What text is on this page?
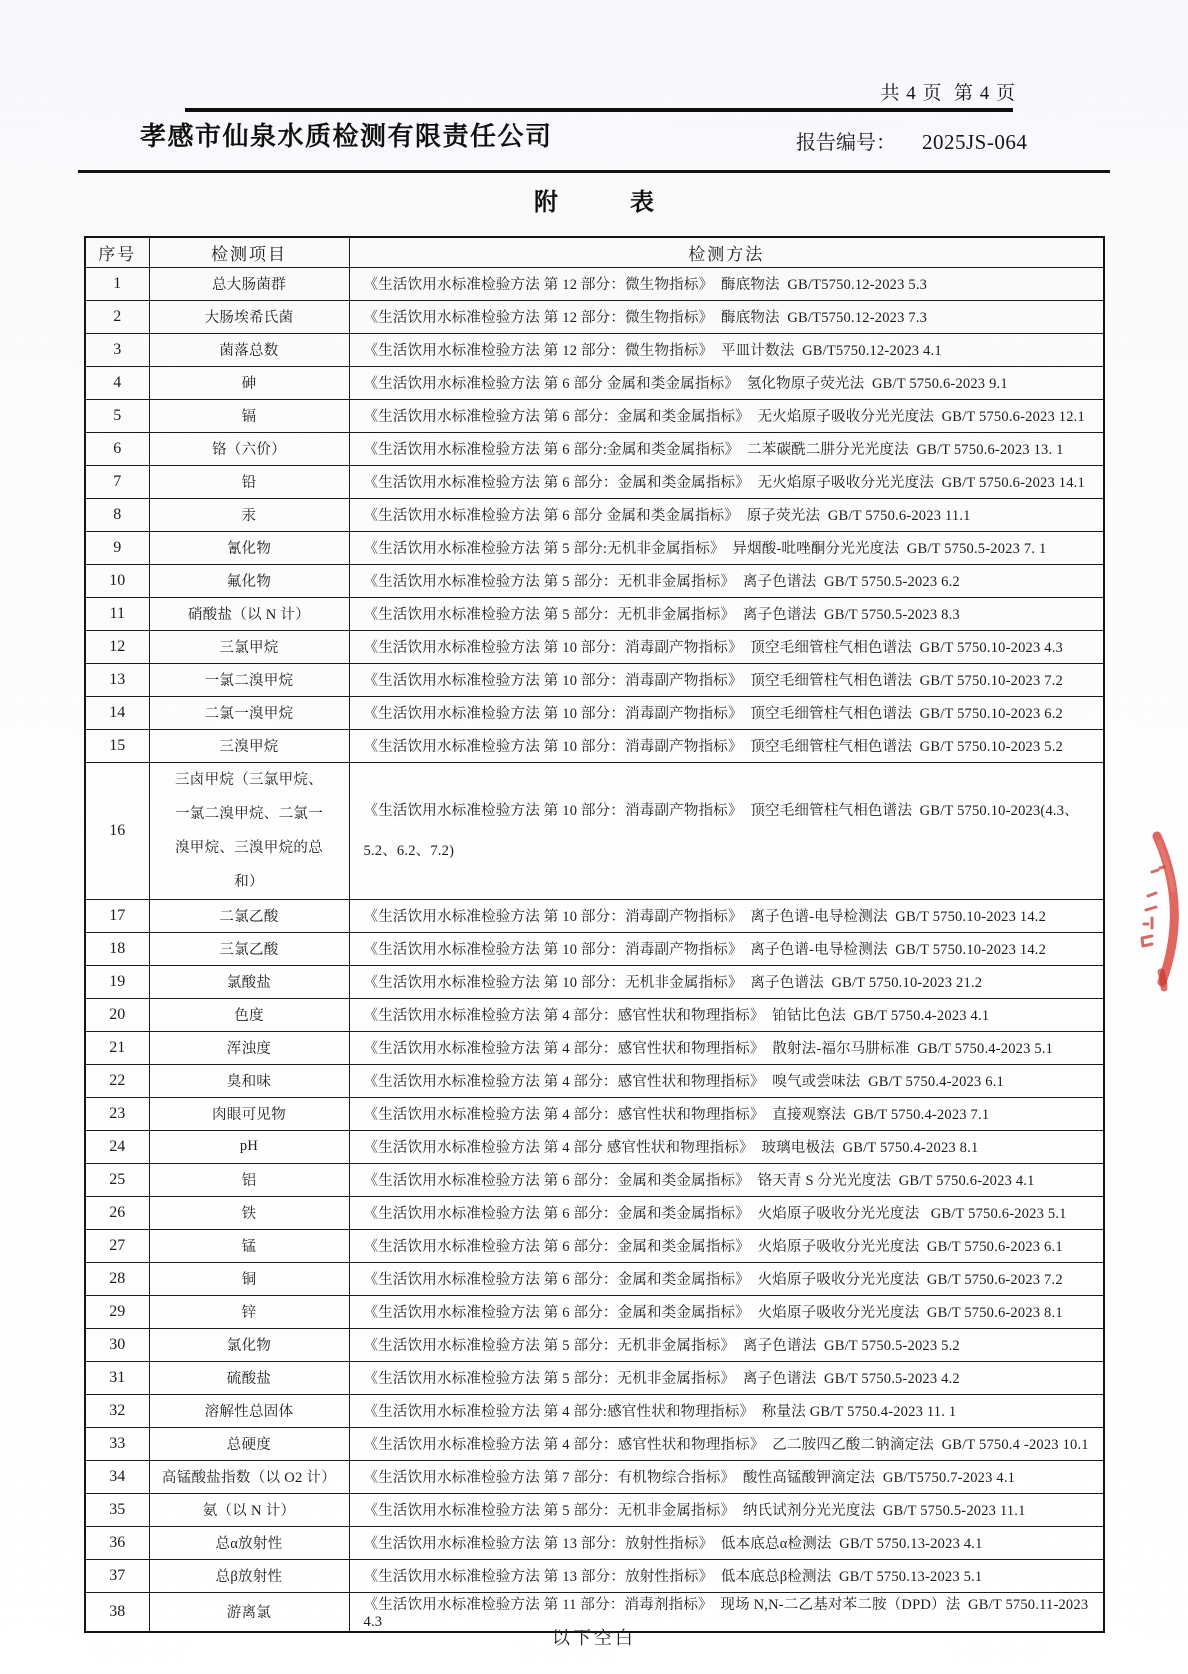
共 4 页  第 4 页
孝感市仙泉水质检测有限责任公司	报告编号： 2025JS-064
附　　　表
序号	检测项目	检测方法
1	总大肠菌群	《生活饮用水标准检验方法 第 12 部分：微生物指标》  酶底物法  GB/T5750.12-2023 5.3
2	大肠埃希氏菌	《生活饮用水标准检验方法 第 12 部分：微生物指标》  酶底物法  GB/T5750.12-2023 7.3
3	菌落总数	《生活饮用水标准检验方法 第 12 部分：微生物指标》  平皿计数法  GB/T5750.12-2023 4.1
4	砷	《生活饮用水标准检验方法 第 6 部分 金属和类金属指标》  氢化物原子荧光法  GB/T 5750.6-2023 9.1
5	镉	《生活饮用水标准检验方法 第 6 部分：金属和类金属指标》  无火焰原子吸收分光光度法  GB/T 5750.6-2023 12.1
6	铬（六价）	《生活饮用水标准检验方法 第 6 部分:金属和类金属指标》  二苯碳酰二肼分光光度法  GB/T 5750.6-2023 13. 1
7	铅	《生活饮用水标准检验方法 第 6 部分：金属和类金属指标》  无火焰原子吸收分光光度法  GB/T 5750.6-2023 14.1
8	汞	《生活饮用水标准检验方法 第 6 部分 金属和类金属指标》  原子荧光法  GB/T 5750.6-2023 11.1
9	氰化物	《生活饮用水标准检验方法 第 5 部分:无机非金属指标》  异烟酸-吡唑酮分光光度法  GB/T 5750.5-2023 7. 1
10	氟化物	《生活饮用水标准检验方法 第 5 部分：无机非金属指标》  离子色谱法  GB/T 5750.5-2023 6.2
11	硝酸盐（以 N 计）	《生活饮用水标准检验方法 第 5 部分：无机非金属指标》  离子色谱法  GB/T 5750.5-2023 8.3
12	三氯甲烷	《生活饮用水标准检验方法 第 10 部分：消毒副产物指标》  顶空毛细管柱气相色谱法  GB/T 5750.10-2023 4.3
13	一氯二溴甲烷	《生活饮用水标准检验方法 第 10 部分：消毒副产物指标》  顶空毛细管柱气相色谱法  GB/T 5750.10-2023 7.2
14	二氯一溴甲烷	《生活饮用水标准检验方法 第 10 部分：消毒副产物指标》  顶空毛细管柱气相色谱法  GB/T 5750.10-2023 6.2
15	三溴甲烷	《生活饮用水标准检验方法 第 10 部分：消毒副产物指标》  顶空毛细管柱气相色谱法  GB/T 5750.10-2023 5.2
16	三卤甲烷（三氯甲烷、一氯二溴甲烷、二氯一溴甲烷、三溴甲烷的总和）	《生活饮用水标准检验方法 第 10 部分：消毒副产物指标》  顶空毛细管柱气相色谱法  GB/T 5750.10-2023(4.3、5.2、6.2、7.2)
17	二氯乙酸	《生活饮用水标准检验方法 第 10 部分：消毒副产物指标》  离子色谱-电导检测法  GB/T 5750.10-2023 14.2
18	三氯乙酸	《生活饮用水标准检验方法 第 10 部分：消毒副产物指标》  离子色谱-电导检测法  GB/T 5750.10-2023 14.2
19	氯酸盐	《生活饮用水标准检验方法 第 10 部分：无机非金属指标》  离子色谱法  GB/T 5750.10-2023 21.2
20	色度	《生活饮用水标准检验方法 第 4 部分：感官性状和物理指标》  铂钴比色法  GB/T 5750.4-2023 4.1
21	浑浊度	《生活饮用水标准检验方法 第 4 部分：感官性状和物理指标》  散射法-福尔马肼标准  GB/T 5750.4-2023 5.1
22	臭和味	《生活饮用水标准检验方法 第 4 部分：感官性状和物理指标》  嗅气或尝味法  GB/T 5750.4-2023 6.1
23	肉眼可见物	《生活饮用水标准检验方法 第 4 部分：感官性状和物理指标》  直接观察法  GB/T 5750.4-2023 7.1
24	pH	《生活饮用水标准检验方法 第 4 部分 感官性状和物理指标》  玻璃电极法  GB/T 5750.4-2023 8.1
25	铝	《生活饮用水标准检验方法 第 6 部分：金属和类金属指标》  铬天青 S 分光光度法  GB/T 5750.6-2023 4.1
26	铁	《生活饮用水标准检验方法 第 6 部分：金属和类金属指标》  火焰原子吸收分光光度法   GB/T 5750.6-2023 5.1
27	锰	《生活饮用水标准检验方法 第 6 部分：金属和类金属指标》  火焰原子吸收分光光度法  GB/T 5750.6-2023 6.1
28	铜	《生活饮用水标准检验方法 第 6 部分：金属和类金属指标》  火焰原子吸收分光光度法  GB/T 5750.6-2023 7.2
29	锌	《生活饮用水标准检验方法 第 6 部分：金属和类金属指标》  火焰原子吸收分光光度法  GB/T 5750.6-2023 8.1
30	氯化物	《生活饮用水标准检验方法 第 5 部分：无机非金属指标》  离子色谱法  GB/T 5750.5-2023 5.2
31	硫酸盐	《生活饮用水标准检验方法 第 5 部分：无机非金属指标》  离子色谱法  GB/T 5750.5-2023 4.2
32	溶解性总固体	《生活饮用水标准检验方法 第 4 部分:感官性状和物理指标》  称量法 GB/T 5750.4-2023 11. 1
33	总硬度	《生活饮用水标准检验方法 第 4 部分：感官性状和物理指标》  乙二胺四乙酸二钠滴定法  GB/T 5750.4 -2023 10.1
34	高锰酸盐指数（以 O2 计）	《生活饮用水标准检验方法 第 7 部分：有机物综合指标》  酸性高锰酸钾滴定法  GB/T5750.7-2023 4.1
35	氨（以 N 计）	《生活饮用水标准检验方法 第 5 部分：无机非金属指标》  纳氏试剂分光光度法  GB/T 5750.5-2023 11.1
36	总α放射性	《生活饮用水标准检验方法 第 13 部分：放射性指标》  低本底总α检测法  GB/T 5750.13-2023 4.1
37	总β放射性	《生活饮用水标准检验方法 第 13 部分：放射性指标》  低本底总β检测法  GB/T 5750.13-2023 5.1
38	游离氯	《生活饮用水标准检验方法 第 11 部分：消毒剂指标》  现场 N,N-二乙基对苯二胺（DPD）法  GB/T 5750.11-2023 4.3
以下空白
